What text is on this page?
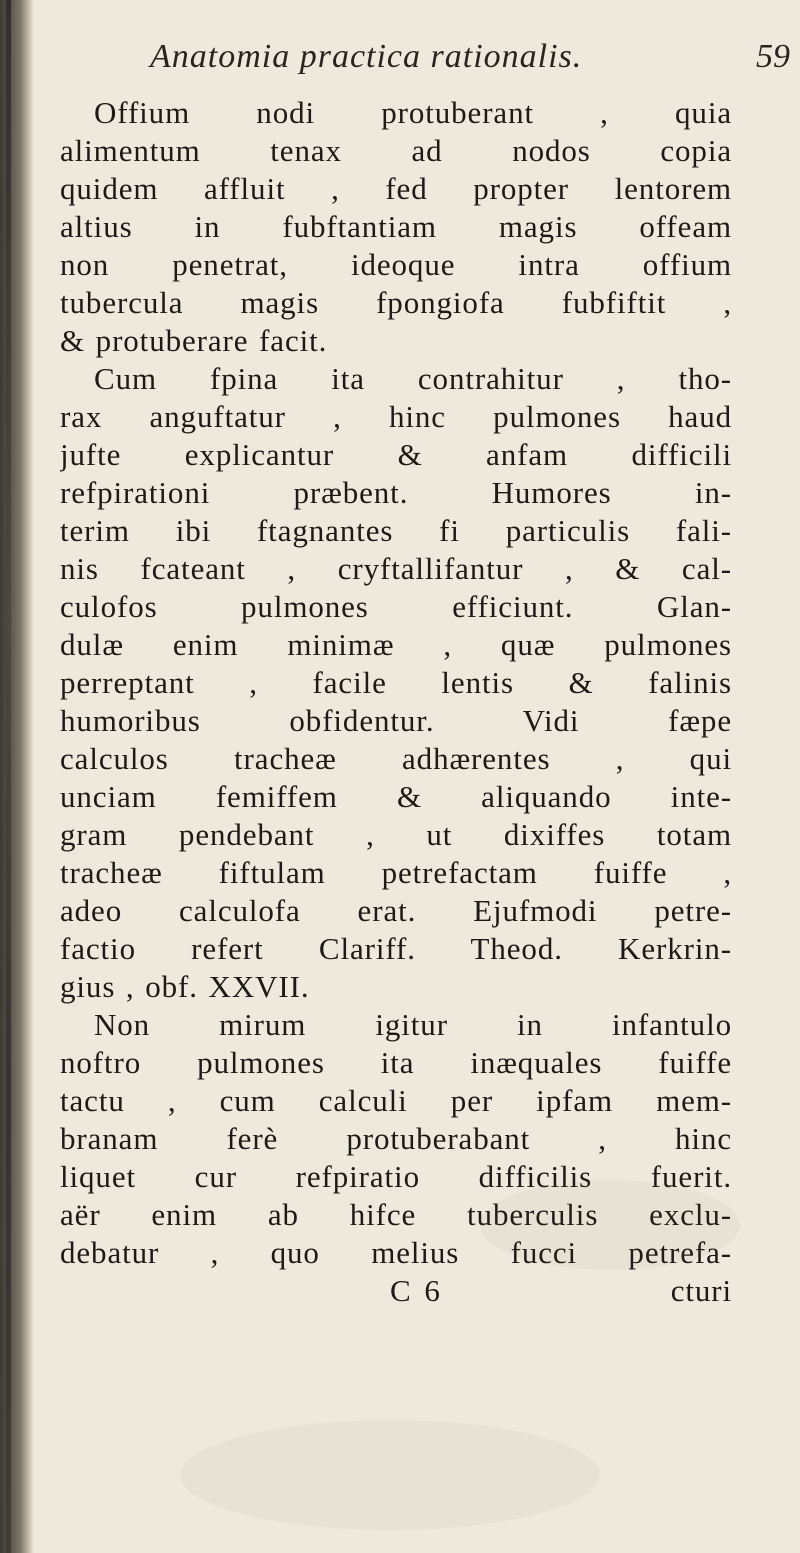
Anatomia practica rationalis.	59
Offium nodi protuberant , quia
alimentum tenax ad nodos copia
quidem affluit , fed propter lentorem
altius in fubftantiam magis offeam
non penetrat, ideoque intra offium
tubercula magis fpongiofa fubfiftit ,
& protuberare facit.
Cum fpina ita contrahitur , tho-
rax anguftatur , hinc pulmones haud
jufte explicantur & anfam difficili
refpirationi præbent. Humores in-
terim ibi ftagnantes fi particulis fali-
nis fcateant , cryftallifantur , & cal-
culofos pulmones efficiunt. Glan-
dulæ enim minimæ , quæ pulmones
perreptant , facile lentis & falinis
humoribus obfidentur. Vidi fæpe
calculos tracheæ adhærentes , qui
unciam femiffem & aliquando inte-
gram pendebant , ut dixiffes totam
tracheæ fiftulam petrefactam fuiffe ,
adeo calculofa erat. Ejufmodi petre-
factio refert Clariff. Theod. Kerkrin-
gius , obf. XXVII.
Non mirum igitur in infantulo
noftro pulmones ita inæquales fuiffe
tactu , cum calculi per ipfam mem-
branam ferè protuberabant , hinc
liquet cur refpiratio difficilis fuerit.
aër enim ab hifce tuberculis exclu-
debatur , quo melius fucci petrefa-
C 6	cturi
